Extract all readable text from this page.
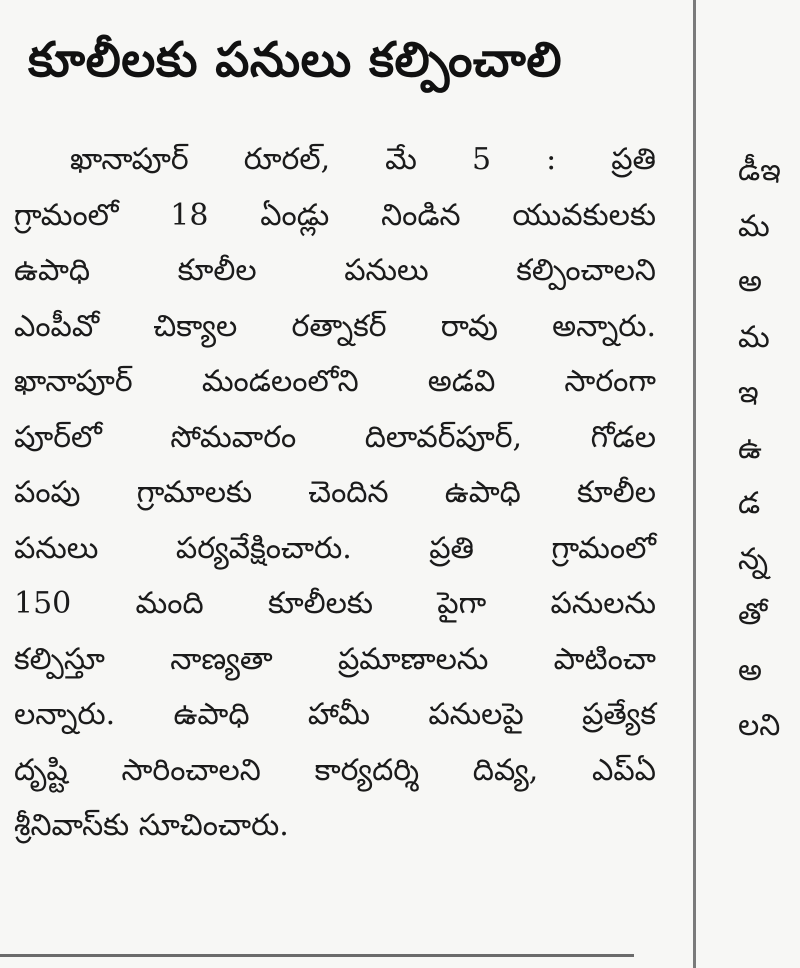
కూలీలకు పనులు కల్పించాలి
ఖానాపూర్ రూరల్, మే 5 : ప్రతి
గ్రామంలో 18 ఏండ్లు నిండిన యువకులకు
ఉపాధి కూలీల పనులు కల్పించాలని
ఎంపీవో చిక్యాల రత్నాకర్ రావు అన్నారు.
ఖానాపూర్ మండలంలోని అడవి సారంగా
పూర్‌లో సోమవారం దిలావర్‌పూర్, గోడల
పంపు గ్రామాలకు చెందిన ఉపాధి కూలీల
పనులు పర్యవేక్షించారు. ప్రతి గ్రామంలో
150 మంది కూలీలకు పైగా పనులను
కల్పిస్తూ నాణ్యతా ప్రమాణాలను పాటించా
లన్నారు. ఉపాధి హామీ పనులపై ప్రత్యేక
దృష్టి సారించాలని కార్యదర్శి దివ్య, ఎప్ఏ
శ్రీనివాస్‌కు సూచించారు.
డీఇ
మ
అ
మ
ఇ
ఉ
డ
న్న
తో
అ
లని
